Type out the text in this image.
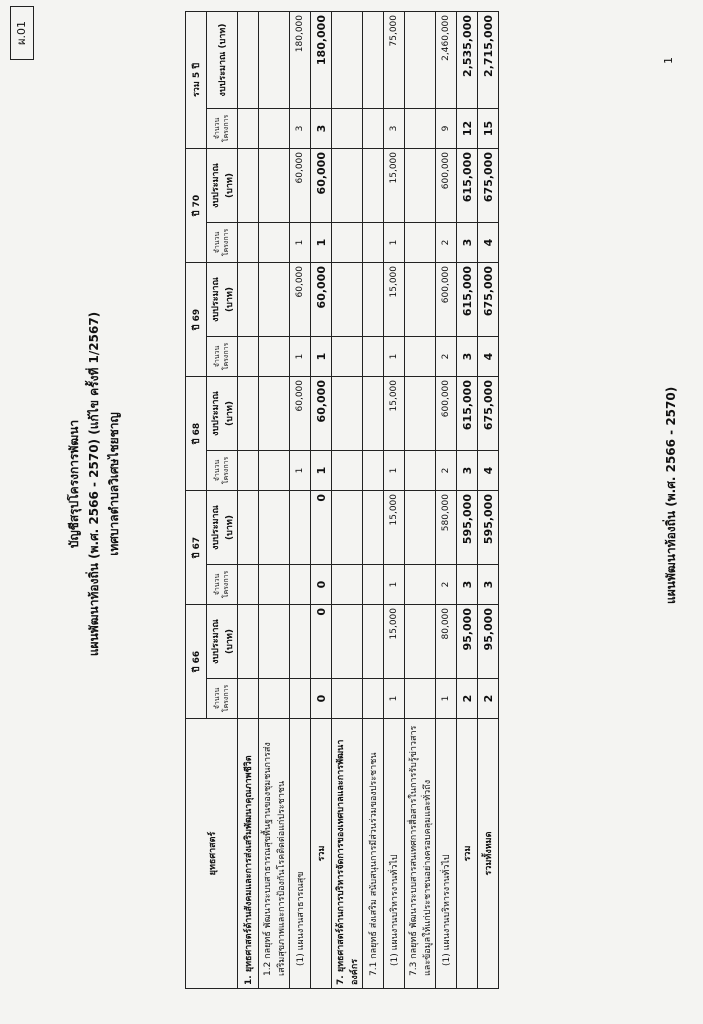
ผ.01
บัญชีสรุปโครงการพัฒนา แผนพัฒนาท้องถิ่น (พ.ศ. 2566 - 2570) (แก้ไข ครั้งที่ 1/2567) เทศบาลตำบลวิเศษไชยชาญ
ยุทธศาสตร์	ปี 66		ปี 67		ปี 68		ปี 69		ปี 70		รวม 5 ปี	
	จำนวนโครงการ	งบประมาณ (บาท)	จำนวนโครงการ	งบประมาณ (บาท)	จำนวนโครงการ	งบประมาณ (บาท)	จำนวนโครงการ	งบประมาณ (บาท)	จำนวนโครงการ	งบประมาณ (บาท)	จำนวนโครงการ	งบประมาณ (บาท)
1. ยุทธศาสตร์ด้านสังคมและการส่งเสริมพัฒนาคุณภาพชีวิต												
1.2 กลยุทธ์ พัฒนาระบบสาธารณสุขพื้นฐานของชุมชนการส่งเสริมสุขภาพและการป้องกันโรคติดต่อแก่ประชาชน												
(1) แผนงานสาธารณสุข					1	60,000	1	60,000	1	60,000	3	180,000
รวม	0	0	0	0	1	60,000	1	60,000	1	60,000	3	180,000
7. ยุทธศาสตร์ด้านการบริหารจัดการของเทศบาลและการพัฒนาองค์กร												
7.1 กลยุทธ์ ส่งเสริม สนับสนุนการมีส่วนร่วมของประชาชน												
(1) แผนงานบริหารงานทั่วไป	1	15,000	1	15,000	1	15,000	1	15,000	1	15,000	3	75,000
7.3 กลยุทธ์ พัฒนาระบบสารสนเทศการสื่อสารในการรับรู้ข่าวสารและข้อมูลให้แก่ประชาชนอย่างครอบคลุมและทั่วถึง												
(1) แผนงานบริหารงานทั่วไป	1	80,000	2	580,000	2	600,000	2	600,000	2	600,000	9	2,460,000
รวม	2	95,000	3	595,000	3	615,000	3	615,000	3	615,000	12	2,535,000
รวมทั้งหมด	2	95,000	3	595,000	4	675,000	4	675,000	4	675,000	15	2,715,000
แผนพัฒนาท้องถิ่น (พ.ศ. 2566 - 2570)
1
